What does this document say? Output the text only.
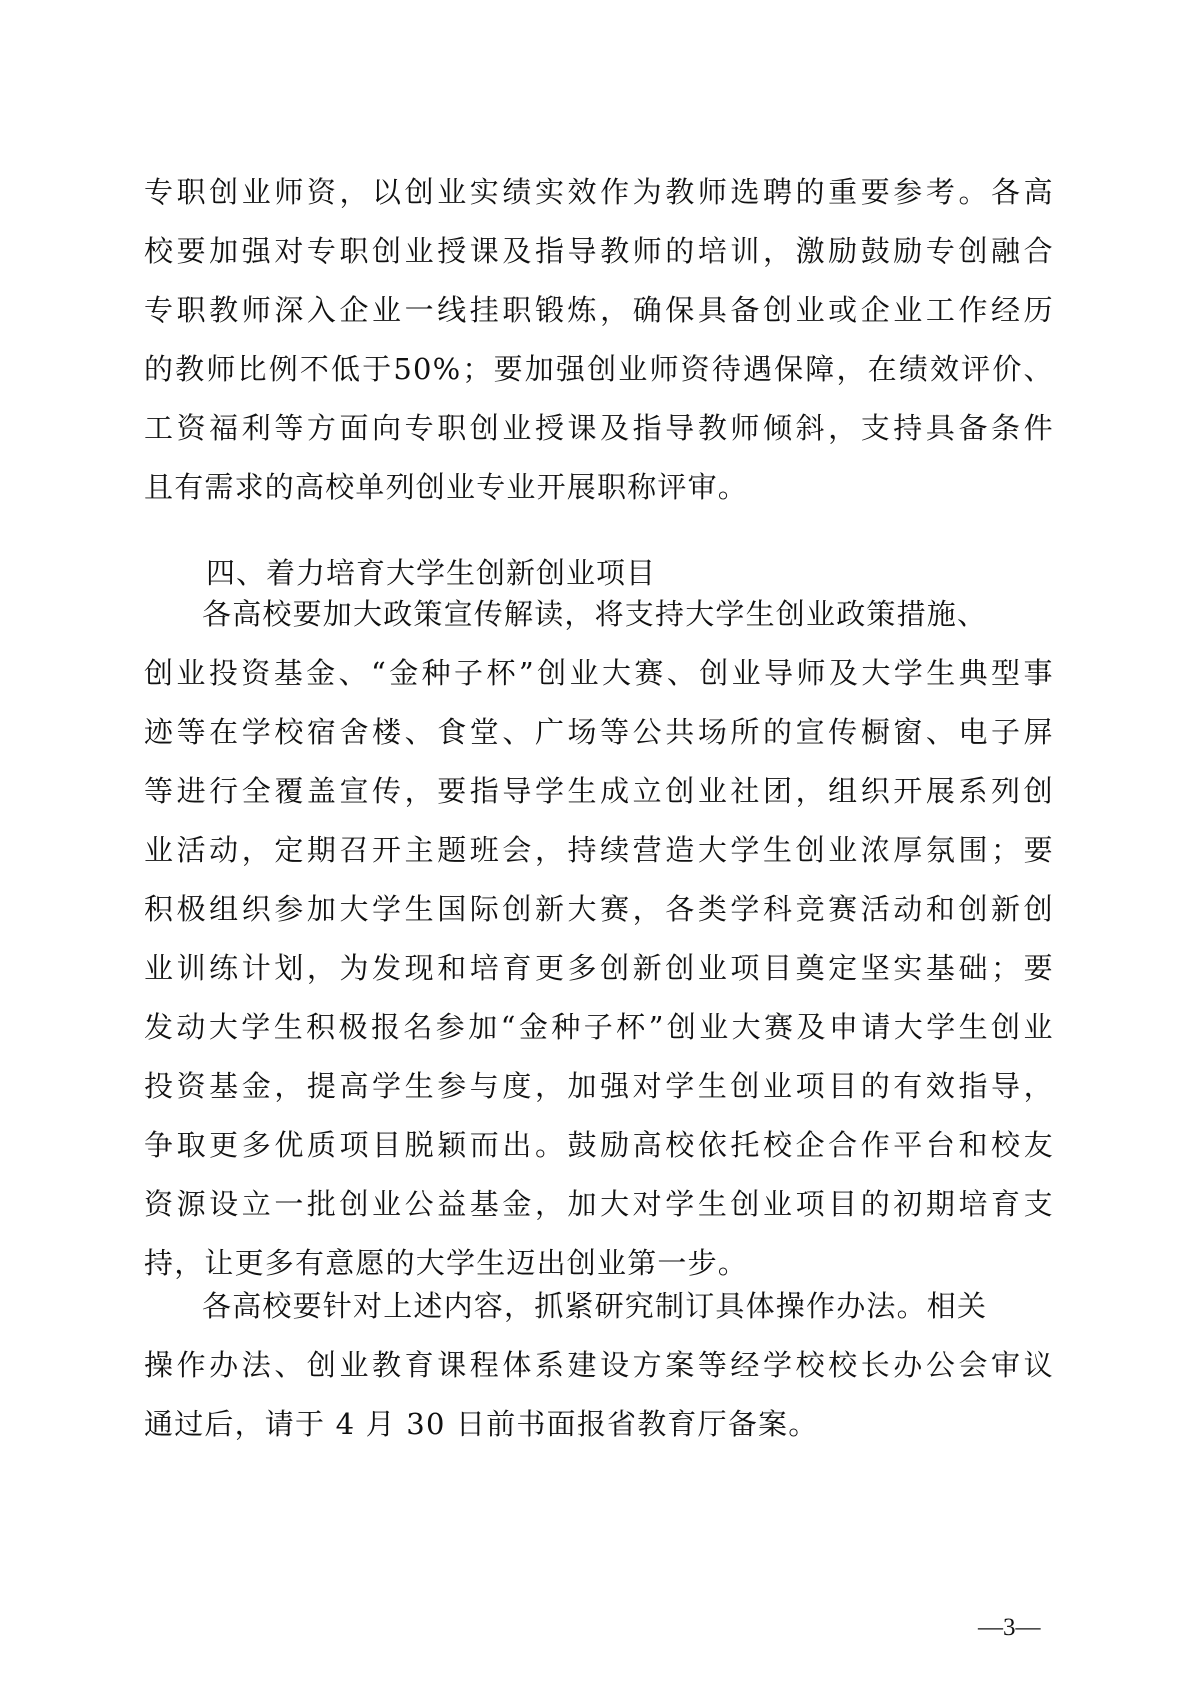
专 职 创 业 师 资 ， 以 创 业 实 绩 实 效 作 为 教 师 选 聘 的 重 要 参 考 。 各 高
校 要 加 强 对 专 职 创 业 授 课 及 指 导 教 师 的 培 训 ， 激 励 鼓 励 专 创 融 合
专 职 教 师 深 入 企 业 一 线 挂 职 锻 炼 ， 确 保 具 备 创 业 或 企 业 工 作 经 历
的 教 师 比 例 不 低 于 50% ； 要 加 强 创 业 师 资 待 遇 保 障 ， 在 绩 效 评 价 、
工 资 福 利 等 方 面 向 专 职 创 业 授 课 及 指 导 教 师 倾 斜 ， 支 持 具 备 条 件
且有需求的高校单列创业专业开展职称评审。
四、着力培育大学生创新创业项目
各高校要加大政策宣传解读，将支持大学生创业政策措施、
创 业 投 资 基 金 、 “ 金 种 子 杯 ” 创 业 大 赛 、 创 业 导 师 及 大 学 生 典 型 事
迹 等 在 学 校 宿 舍 楼 、 食 堂 、 广 场 等 公 共 场 所 的 宣 传 橱 窗 、 电 子 屏
等 进 行 全 覆 盖 宣 传 ， 要 指 导 学 生 成 立 创 业 社 团 ， 组 织 开 展 系 列 创
业 活 动 ， 定 期 召 开 主 题 班 会 ， 持 续 营 造 大 学 生 创 业 浓 厚 氛 围 ； 要
积 极 组 织 参 加 大 学 生 国 际 创 新 大 赛 ， 各 类 学 科 竞 赛 活 动 和 创 新 创
业 训 练 计 划 ， 为 发 现 和 培 育 更 多 创 新 创 业 项 目 奠 定 坚 实 基 础 ； 要
发 动 大 学 生 积 极 报 名 参 加 “ 金 种 子 杯 ” 创 业 大 赛 及 申 请 大 学 生 创 业
投 资 基 金 ， 提 高 学 生 参 与 度 ， 加 强 对 学 生 创 业 项 目 的 有 效 指 导 ，
争 取 更 多 优 质 项 目 脱 颖 而 出 。 鼓 励 高 校 依 托 校 企 合 作 平 台 和 校 友
资 源 设 立 一 批 创 业 公 益 基 金 ， 加 大 对 学 生 创 业 项 目 的 初 期 培 育 支
持，让更多有意愿的大学生迈出创业第一步。
各高校要针对上述内容，抓紧研究制订具体操作办法。相关
操 作 办 法 、 创 业 教 育 课 程 体 系 建 设 方 案 等 经 学 校 校 长 办 公 会 审 议
通过后，请于 4 月 30 日前书面报省教育厅备案。
—3—
